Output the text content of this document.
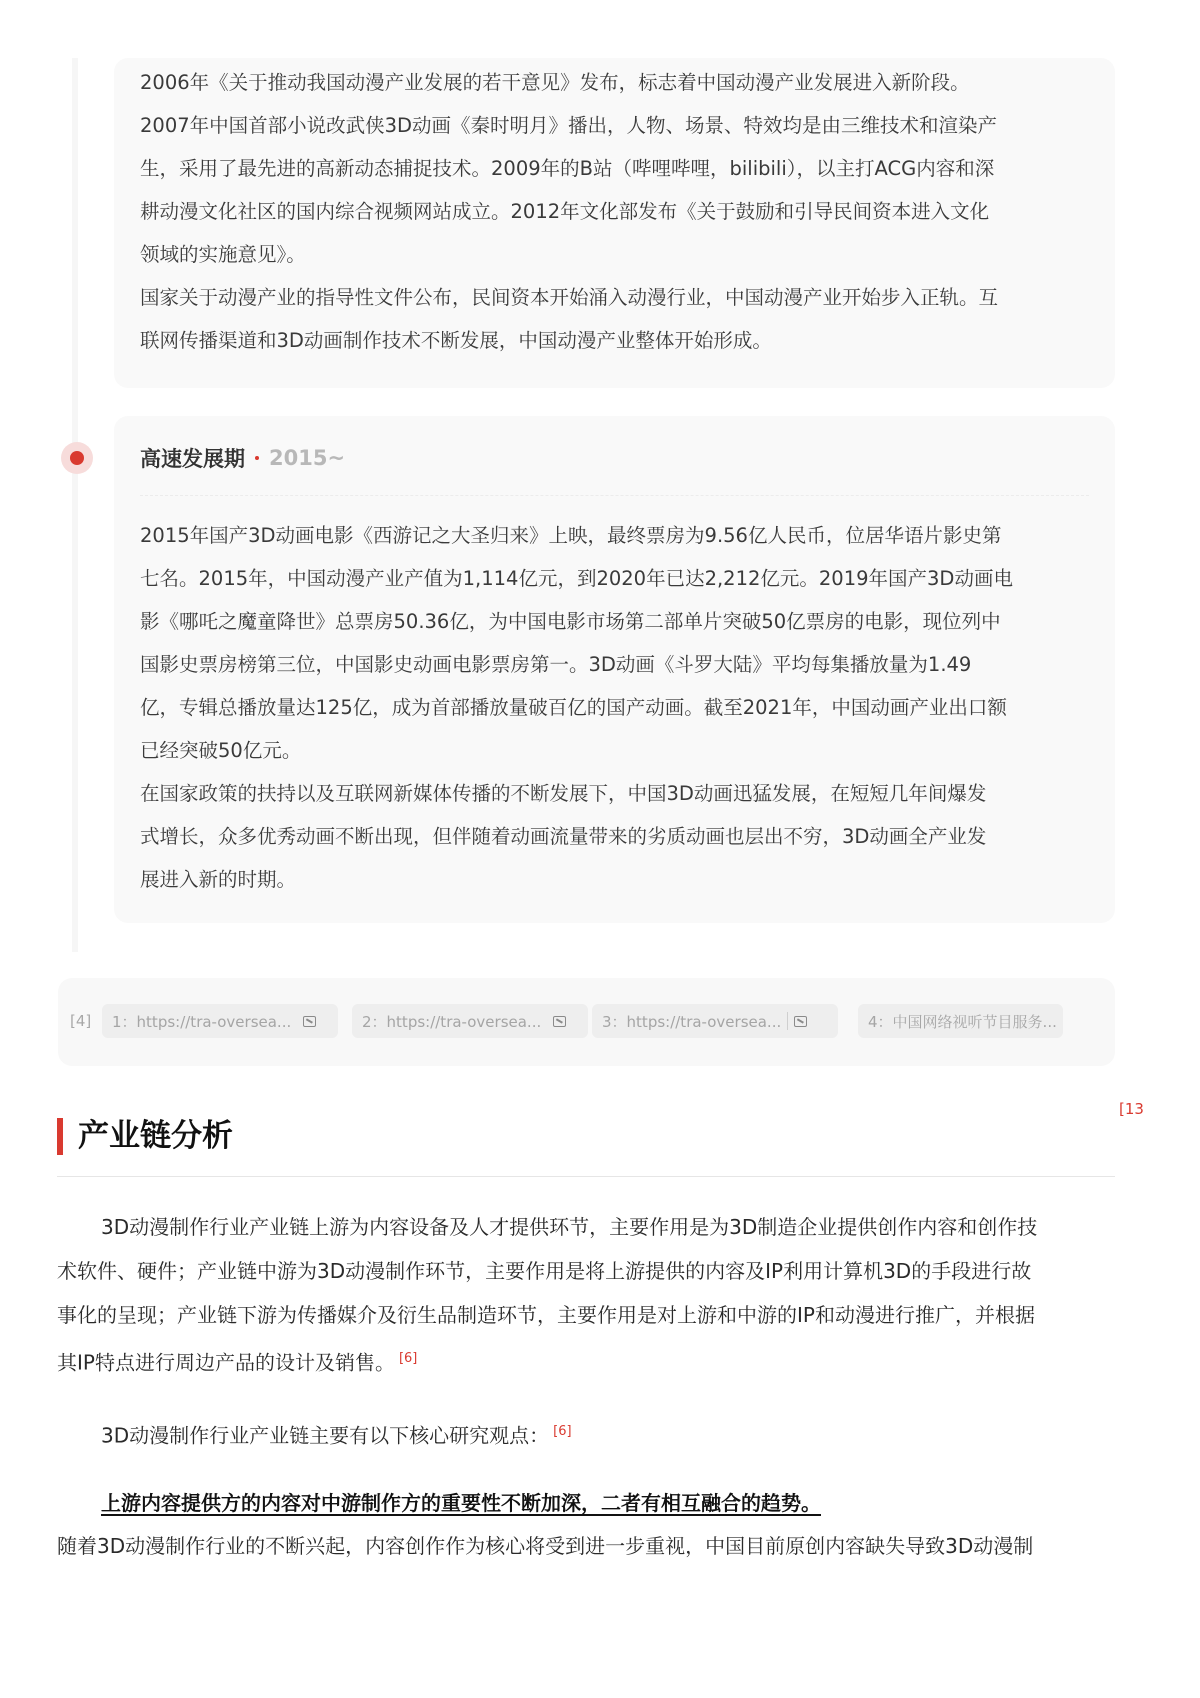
2006年《关于推动我国动漫产业发展的若干意见》发布，标志着中国动漫产业发展进入新阶段。
2007年中国首部小说改武侠3D动画《秦时明月》播出，人物、场景、特效均是由三维技术和渲染产
生，采用了最先进的高新动态捕捉技术。2009年的B站（哔哩哔哩，bilibili），以主打ACG内容和深
耕动漫文化社区的国内综合视频网站成立。2012年文化部发布《关于鼓励和引导民间资本进入文化
领域的实施意见》。
国家关于动漫产业的指导性文件公布，民间资本开始涌入动漫行业，中国动漫产业开始步入正轨。互
联网传播渠道和3D动画制作技术不断发展，中国动漫产业整体开始形成。
高速发展期 2015~
2015年国产3D动画电影《西游记之大圣归来》上映，最终票房为9.56亿人民币，位居华语片影史第
七名。2015年，中国动漫产业产值为1,114亿元，到2020年已达2,212亿元。2019年国产3D动画电
影《哪吒之魔童降世》总票房50.36亿，为中国电影市场第二部单片突破50亿票房的电影，现位列中
国影史票房榜第三位，中国影史动画电影票房第一。3D动画《斗罗大陆》平均每集播放量为1.49
亿，专辑总播放量达125亿，成为首部播放量破百亿的国产动画。截至2021年，中国动画产业出口额
已经突破50亿元。
在国家政策的扶持以及互联网新媒体传播的不断发展下，中国3D动画迅猛发展，在短短几年间爆发
式增长，众多优秀动画不断出现，但伴随着动画流量带来的劣质动画也层出不穷，3D动画全产业发
展进入新的时期。
[4] 1：https://tra-oversea...	2：https://tra-oversea...	3：https://tra-oversea...	4：中国网络视听节目服务...
[13
产业链分析
3D动漫制作行业产业链上游为内容设备及人才提供环节，主要作用是为3D制造企业提供创作内容和创作技
术软件、硬件；产业链中游为3D动漫制作环节，主要作用是将上游提供的内容及IP利用计算机3D的手段进行故
事化的呈现；产业链下游为传播媒介及衍生品制造环节，主要作用是对上游和中游的IP和动漫进行推广，并根据
其IP特点进行周边产品的设计及销售。 [6]
3D动漫制作行业产业链主要有以下核心研究观点： [6]
上游内容提供方的内容对中游制作方的重要性不断加深，二者有相互融合的趋势。
随着3D动漫制作行业的不断兴起，内容创作作为核心将受到进一步重视，中国目前原创内容缺失导致3D动漫制
